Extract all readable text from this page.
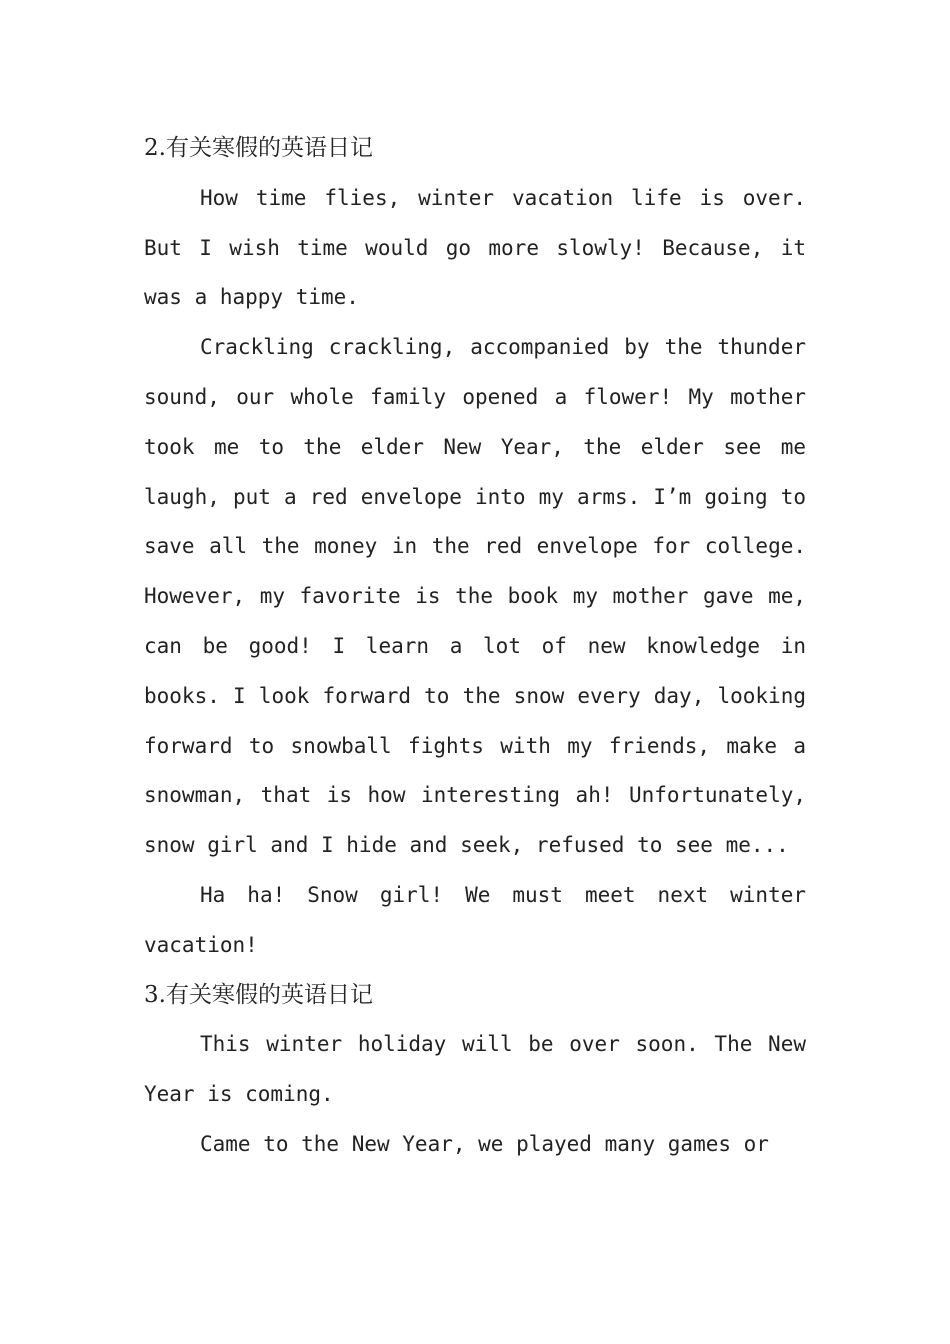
2.有关寒假的英语日记

How time flies, winter vacation life is over. But I wish time would go more slowly! Because, it was a happy time.

Crackling crackling, accompanied by the thunder sound, our whole family opened a flower! My mother took me to the elder New Year, the elder see me laugh, put a red envelope into my arms. I’m going to save all the money in the red envelope for college. However, my favorite is the book my mother gave me, can be good! I learn a lot of new knowledge in books. I look forward to the snow every day, looking forward to snowball fights with my friends, make a snowman, that is how interesting ah! Unfortunately, snow girl and I hide and seek, refused to see me...

Ha ha! Snow girl! We must meet next winter vacation!

3.有关寒假的英语日记

This winter holiday will be over soon. The New Year is coming.

Came to the New Year, we played many games or
